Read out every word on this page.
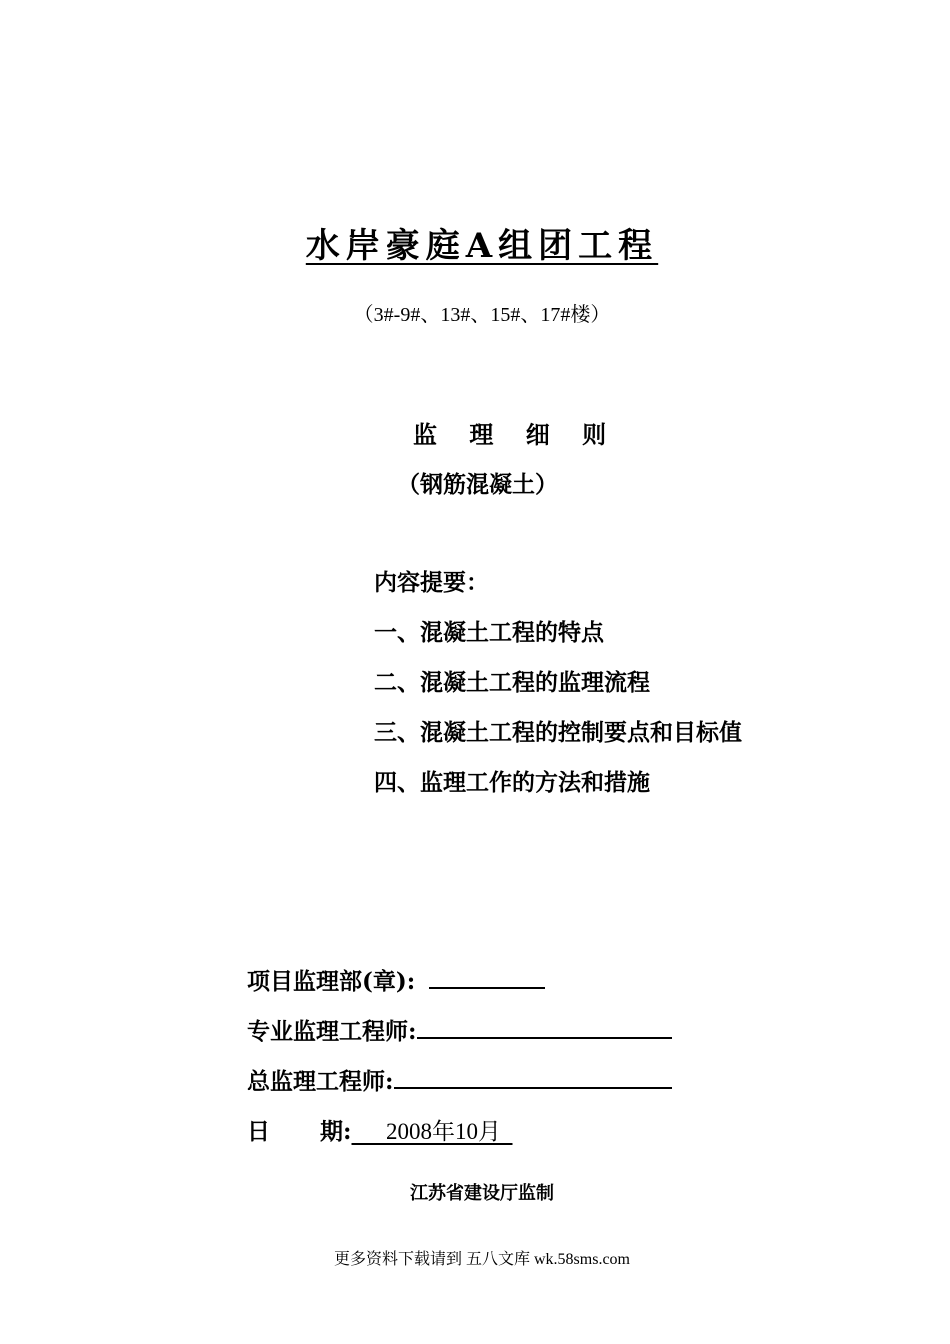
水岸豪庭A组团工程
（3#-9#、13#、15#、17#楼）
监 理 细 则
（钢筋混凝土）
内容提要：
一、混凝土工程的特点
二、混凝土工程的监理流程
三、混凝土工程的控制要点和目标值
四、监理工作的方法和措施
项目监理部(章):
专业监理工程师:
总监理工程师:
日 期:      2008年10月
江苏省建设厅监制
更多资料下载请到 五八文库 wk.58sms.com
